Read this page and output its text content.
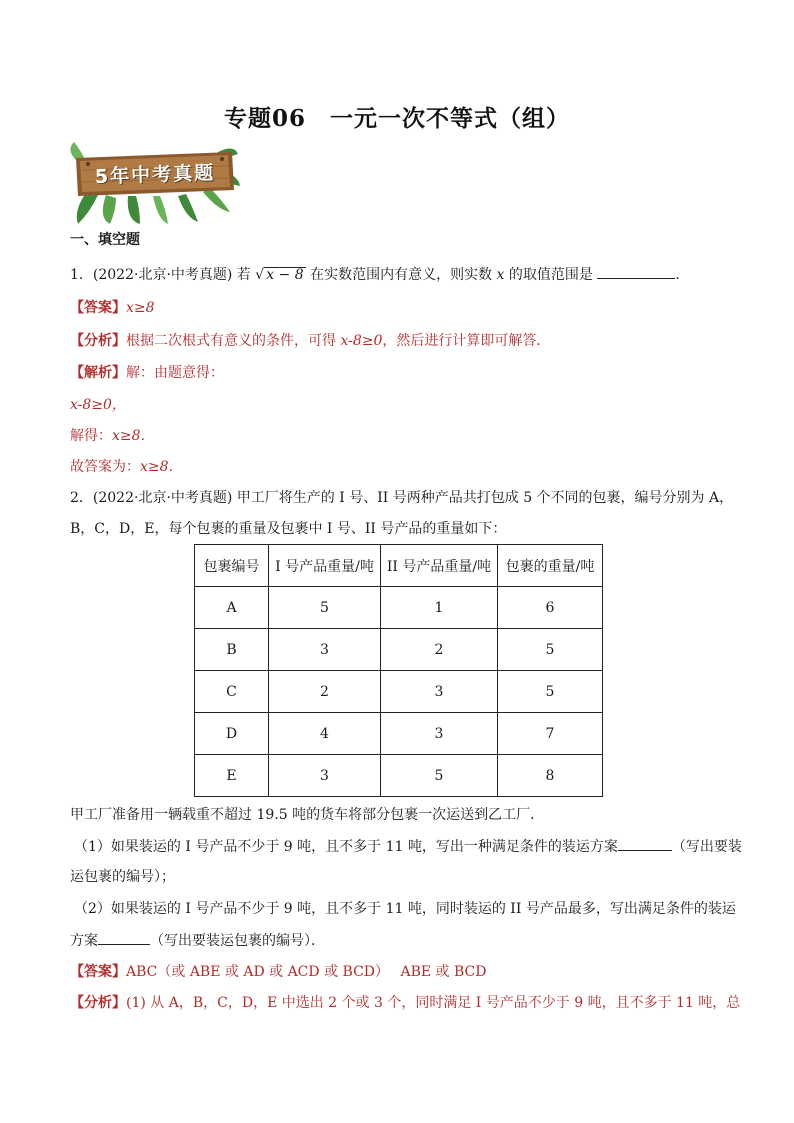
专题06　一元一次不等式（组）
5年中考真题
一、填空题
1．(2022·北京·中考真题) 若 √ x − 8 在实数范围内有意义，则实数 x 的取值范围是	．
【答案】x≥8
【分析】根据二次根式有意义的条件，可得 x-8≥0，然后进行计算即可解答．
【解析】解：由题意得：
x-8≥0，
解得：x≥8．
故答案为：x≥8．
2．(2022·北京·中考真题) 甲工厂将生产的 I 号、II 号两种产品共打包成 5 个不同的包裹，编号分别为 A，
B，C，D，E，每个包裹的重量及包裹中 I 号、II 号产品的重量如下：
包裹编号	I 号产品重量/吨	II 号产品重量/吨	包裹的重量/吨
A	5	1	6
B	3	2	5
C	2	3	5
D	4	3	7
E	3	5	8
甲工厂准备用一辆载重不超过 19.5 吨的货车将部分包裹一次运送到乙工厂．
（1）如果装运的 I 号产品不少于 9 吨，且不多于 11 吨，写出一种满足条件的装运方案	（写出要装
运包裹的编号）；
（2）如果装运的 I 号产品不少于 9 吨，且不多于 11 吨，同时装运的 II 号产品最多，写出满足条件的装运
方案	（写出要装运包裹的编号）．
【答案】ABC（或 ABE 或 AD 或 ACD 或 BCD）　 ABE 或 BCD
【分析】(1) 从 A，B，C，D，E 中选出 2 个或 3 个，同时满足 I 号产品不少于 9 吨，且不多于 11 吨，总
